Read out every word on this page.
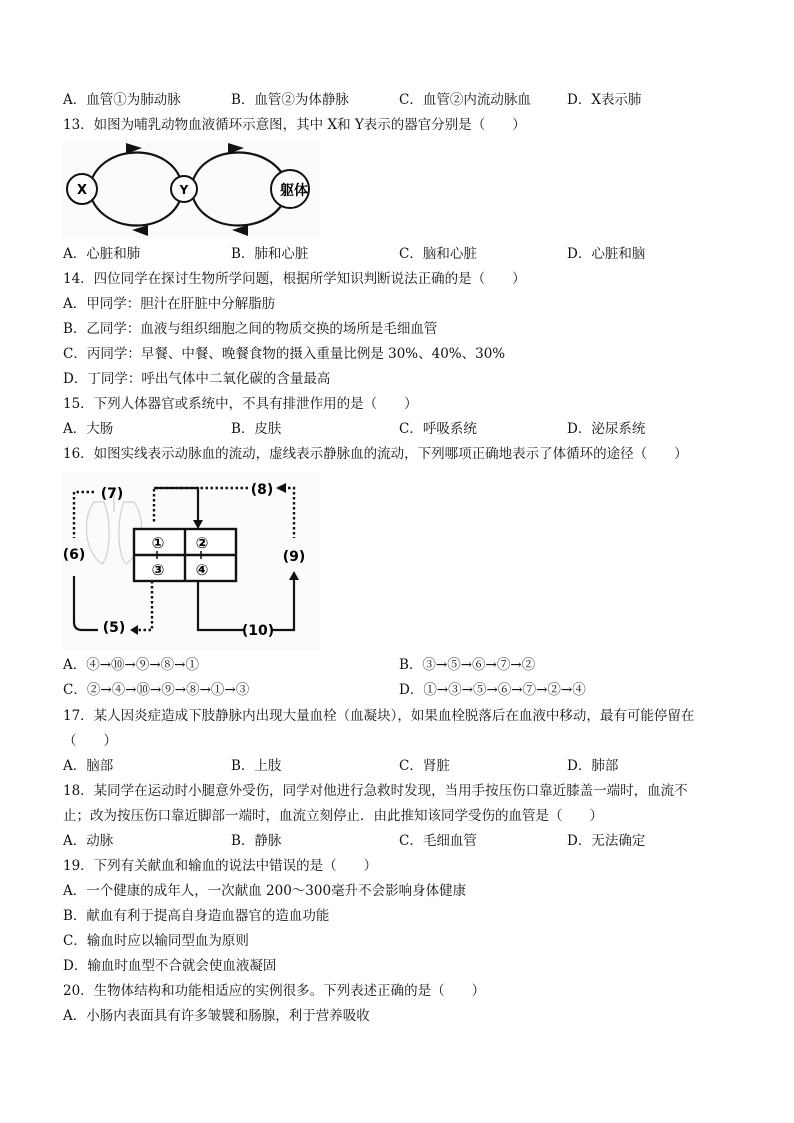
A．血管①为肺动脉	B．血管②为体静脉	C．血管②内流动脉血	D．X表示肺
13．如图为哺乳动物血液循环示意图，其中 X和 Y表示的器官分别是（　　）
X	Y	躯体
A．心脏和肺	B．肺和心脏	C．脑和心脏	D．心脏和脑
14．四位同学在探讨生物所学问题，根据所学知识判断说法正确的是（　　）
A．甲同学：胆汁在肝脏中分解脂肪
B．乙同学：血液与组织细胞之间的物质交换的场所是毛细血管
C．丙同学：早餐、中餐、晚餐食物的摄入重量比例是 30%、40%、30%
D．丁同学：呼出气体中二氧化碳的含量最高
15．下列人体器官或系统中，不具有排泄作用的是（　　）
A．大肠	B．皮肤	C．呼吸系统	D．泌尿系统
16．如图实线表示动脉血的流动，虚线表示静脉血的流动，下列哪项正确地表示了体循环的途径（　　）
① ②
③ ④
(5)
(6)
(7)	(8)
(9)
(10)
A．④→⑩→⑨→⑧→①	B．③→⑤→⑥→⑦→②
C．②→④→⑩→⑨→⑧→①→③	D．①→③→⑤→⑥→⑦→②→④
17．某人因炎症造成下肢静脉内出现大量血栓（血凝块），如果血栓脱落后在血液中移动，最有可能停留在
（　　）
A．脑部	B．上肢	C．肾脏	D．肺部
18．某同学在运动时小腿意外受伤，同学对他进行急救时发现，当用手按压伤口靠近膝盖一端时，血流不
止；改为按压伤口靠近脚部一端时，血流立刻停止．由此推知该同学受伤的血管是（　　）
A．动脉	B．静脉	C．毛细血管	D．无法确定
19．下列有关献血和输血的说法中错误的是（　　）
A．一个健康的成年人，一次献血 200～300毫升不会影响身体健康
B．献血有利于提高自身造血器官的造血功能
C．输血时应以输同型血为原则
D．输血时血型不合就会使血液凝固
20．生物体结构和功能相适应的实例很多。下列表述正确的是（　　）
A．小肠内表面具有许多皱襞和肠腺，利于营养吸收
